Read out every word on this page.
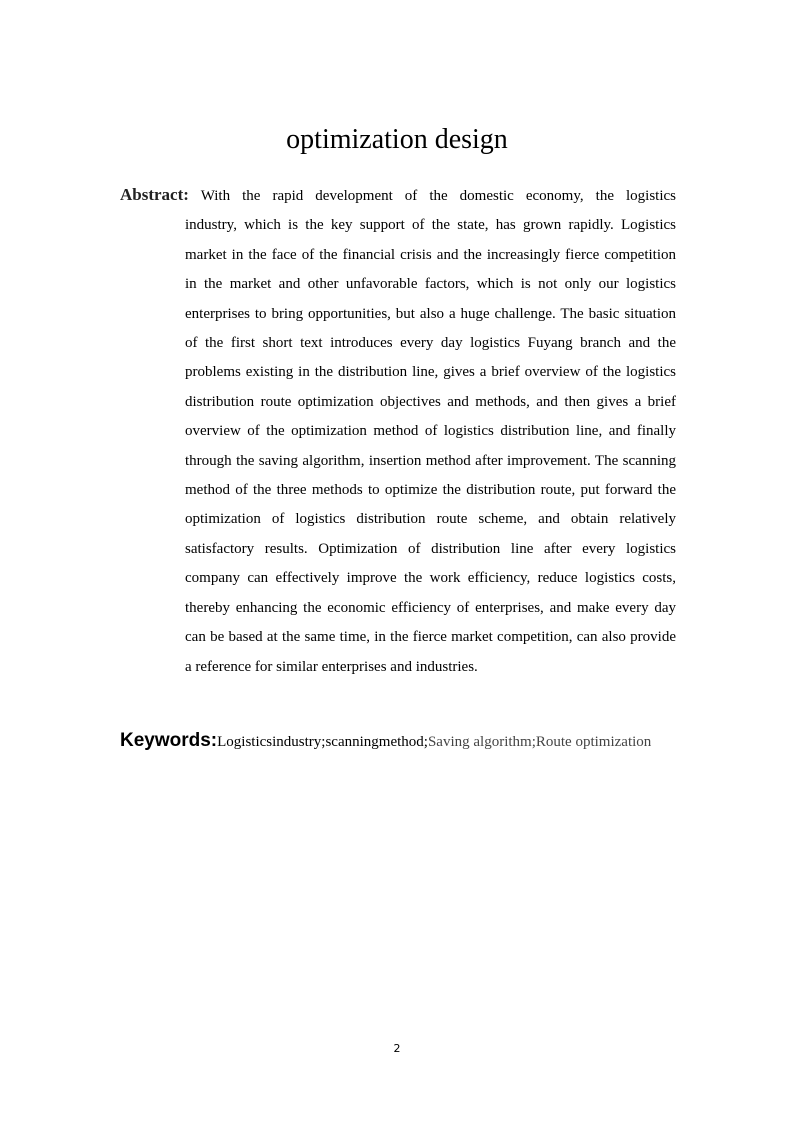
optimization design
Abstract: With the rapid development of the domestic economy, the logistics
industry, which is the key support of the state, has grown rapidly. Logistics market in the face of the financial crisis and the increasingly fierce competition in the market and other unfavorable factors, which is not only our logistics enterprises to bring opportunities, but also a huge challenge. The basic situation of the first short text introduces every day logistics Fuyang branch and the problems existing in the distribution line, gives a brief overview of the logistics distribution route optimization objectives and methods, and then gives a brief overview of the optimization method of logistics distribution line, and finally through the saving algorithm, insertion method after improvement. The scanning method of the three methods to optimize the distribution route, put forward the optimization of logistics distribution route scheme, and obtain relatively satisfactory results. Optimization of distribution line after every logistics company can effectively improve the work efficiency, reduce logistics costs, thereby enhancing the economic efficiency of enterprises, and make every day can be based at the same time, in the fierce market competition, can also provide a reference for similar enterprises and industries.
Keywords:Logisticsindustry;scanningmethod;Saving algorithm;Route optimization
2
